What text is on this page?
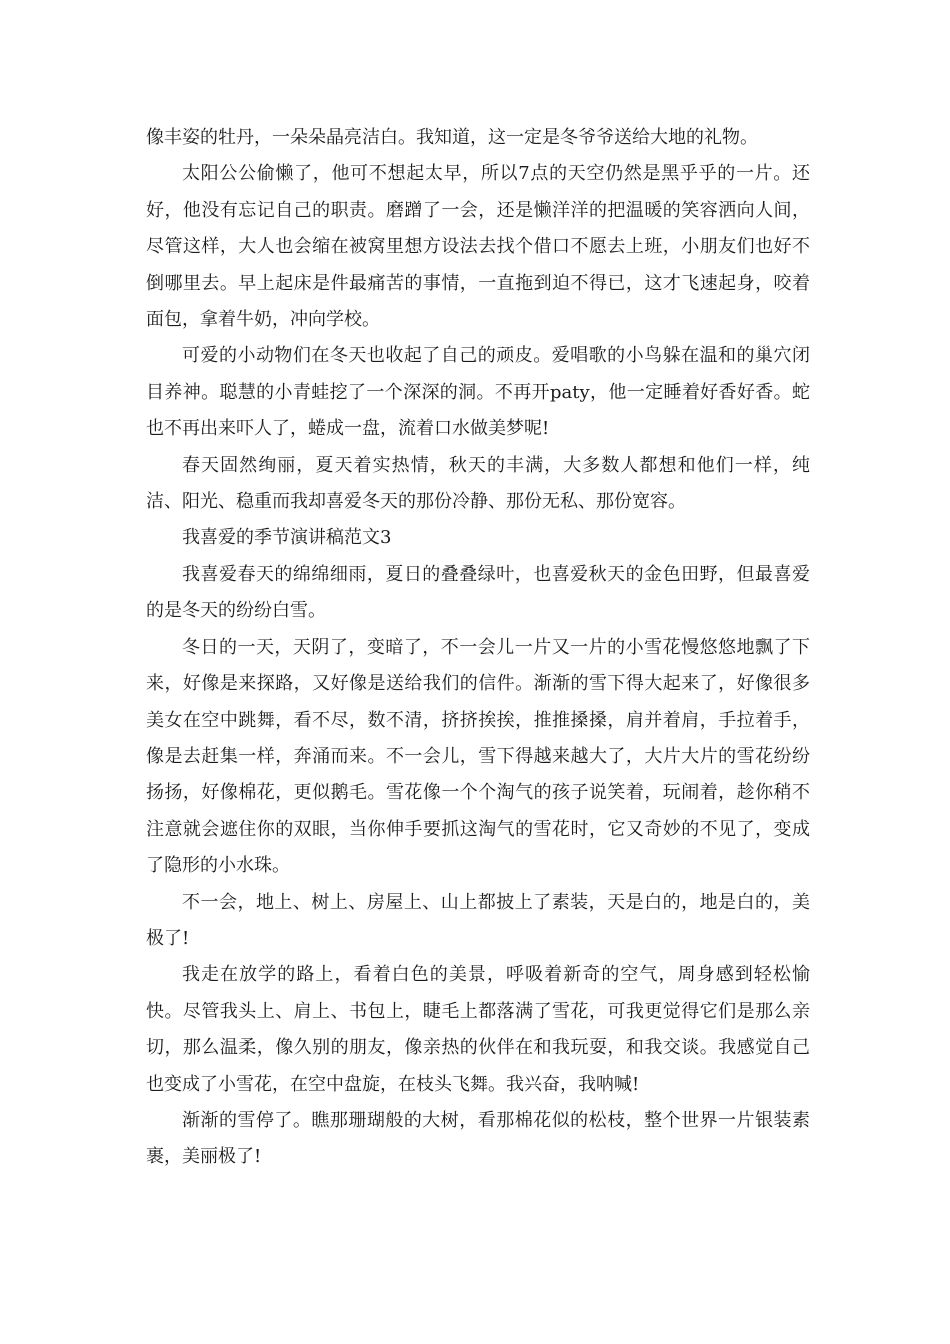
像丰姿的牡丹，一朵朵晶亮洁白。我知道，这一定是冬爷爷送给大地的礼物。

太阳公公偷懒了，他可不想起太早，所以7点的天空仍然是黑乎乎的一片。还好，他没有忘记自己的职责。磨蹭了一会，还是懒洋洋的把温暖的笑容洒向人间，尽管这样，大人也会缩在被窝里想方设法去找个借口不愿去上班，小朋友们也好不倒哪里去。早上起床是件最痛苦的事情，一直拖到迫不得已，这才飞速起身，咬着面包，拿着牛奶，冲向学校。

可爱的小动物们在冬天也收起了自己的顽皮。爱唱歌的小鸟躲在温和的巢穴闭目养神。聪慧的小青蛙挖了一个深深的洞。不再开paty，他一定睡着好香好香。蛇也不再出来吓人了，蜷成一盘，流着口水做美梦呢!

春天固然绚丽，夏天着实热情，秋天的丰满，大多数人都想和他们一样，纯洁、阳光、稳重而我却喜爱冬天的那份冷静、那份无私、那份宽容。

我喜爱的季节演讲稿范文3

我喜爱春天的绵绵细雨，夏日的叠叠绿叶，也喜爱秋天的金色田野，但最喜爱的是冬天的纷纷白雪。

冬日的一天，天阴了，变暗了，不一会儿一片又一片的小雪花慢悠悠地飘了下来，好像是来探路，又好像是送给我们的信件。渐渐的雪下得大起来了，好像很多美女在空中跳舞，看不尽，数不清，挤挤挨挨，推推搡搡，肩并着肩，手拉着手，像是去赶集一样，奔涌而来。不一会儿，雪下得越来越大了，大片大片的雪花纷纷扬扬，好像棉花，更似鹅毛。雪花像一个个淘气的孩子说笑着，玩闹着，趁你稍不注意就会遮住你的双眼，当你伸手要抓这淘气的雪花时，它又奇妙的不见了，变成了隐形的小水珠。

不一会，地上、树上、房屋上、山上都披上了素装，天是白的，地是白的，美极了!

我走在放学的路上，看着白色的美景，呼吸着新奇的空气，周身感到轻松愉快。尽管我头上、肩上、书包上，睫毛上都落满了雪花，可我更觉得它们是那么亲切，那么温柔，像久别的朋友，像亲热的伙伴在和我玩耍，和我交谈。我感觉自己也变成了小雪花，在空中盘旋，在枝头飞舞。我兴奋，我呐喊!

渐渐的雪停了。瞧那珊瑚般的大树，看那棉花似的松枝，整个世界一片银装素裹，美丽极了!
